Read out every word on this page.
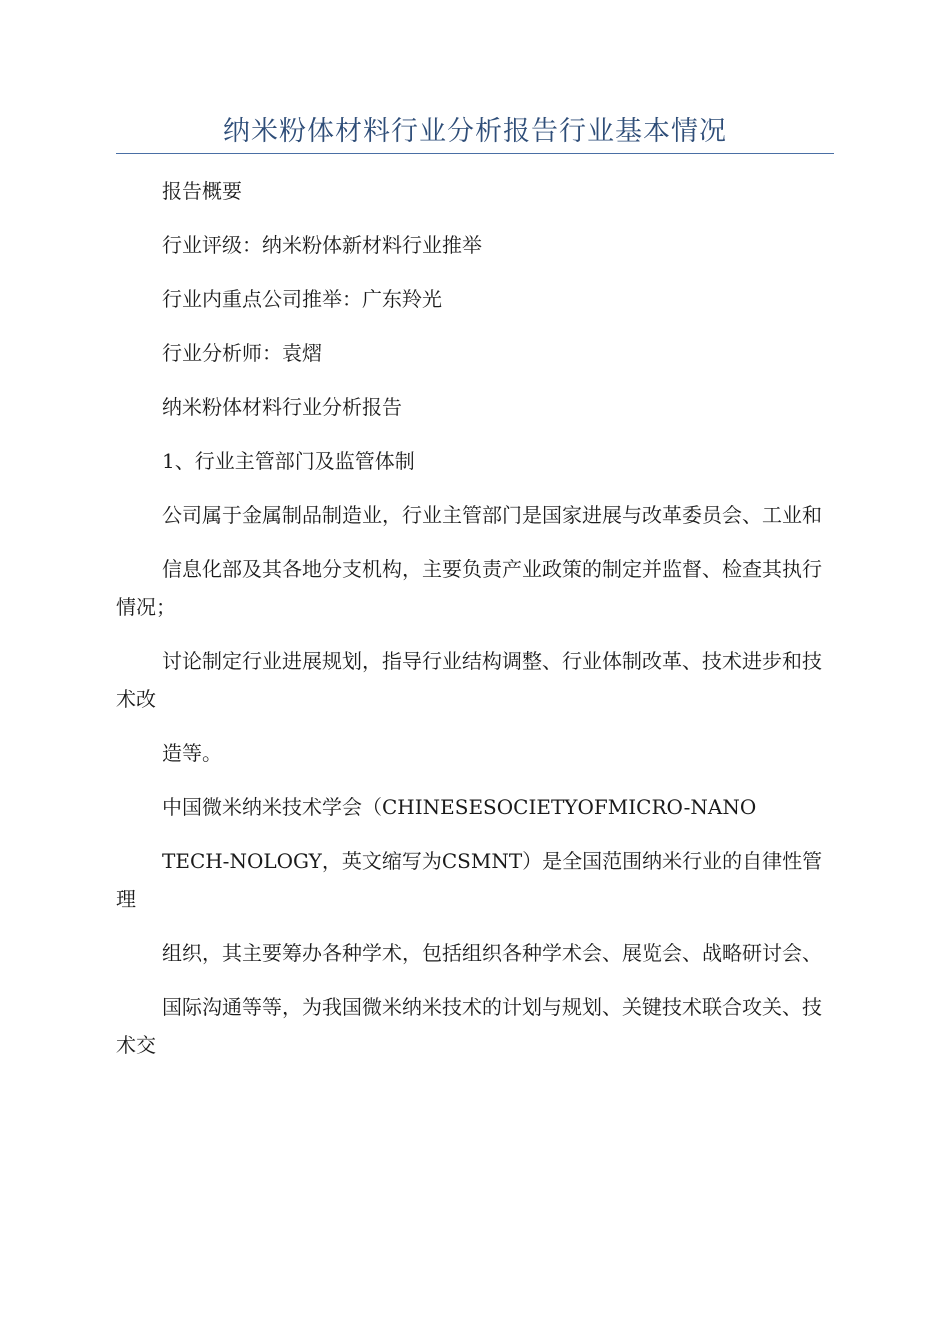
纳米粉体材料行业分析报告行业基本情况

报告概要

行业评级：纳米粉体新材料行业推举

行业内重点公司推举：广东羚光

行业分析师：袁熠

纳米粉体材料行业分析报告

1、行业主管部门及监管体制

公司属于金属制品制造业，行业主管部门是国家进展与改革委员会、工业和

信息化部及其各地分支机构，主要负责产业政策的制定并监督、检查其执行情况；

讨论制定行业进展规划，指导行业结构调整、行业体制改革、技术进步和技术改

造等。

中国微米纳米技术学会（CHINESESOCIETYOFMICRO-NANO

TECH-NOLOGY，英文缩写为CSMNT）是全国范围纳米行业的自律性管理

组织，其主要筹办各种学术，包括组织各种学术会、展览会、战略研讨会、

国际沟通等等，为我国微米纳米技术的计划与规划、关键技术联合攻关、技术交
